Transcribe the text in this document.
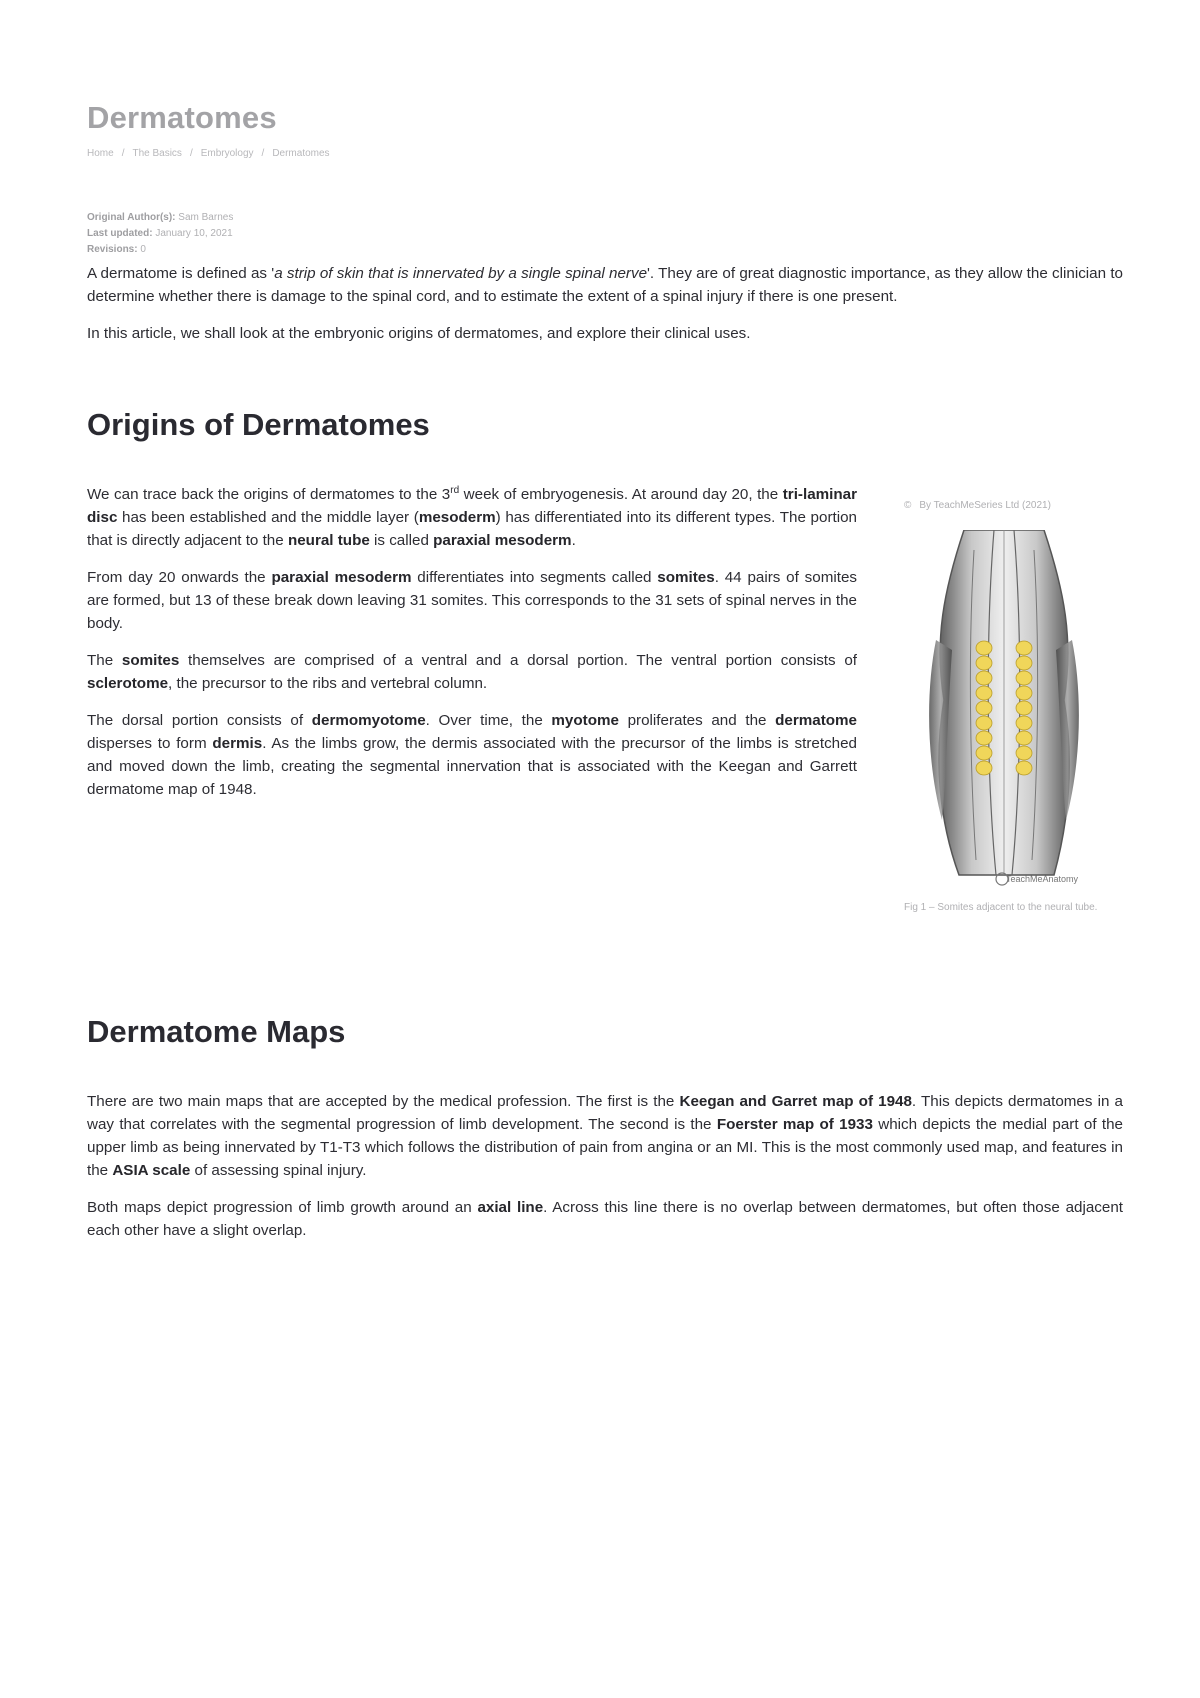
Dermatomes
Home / The Basics / Embryology / Dermatomes
Original Author(s): Sam Barnes
Last updated: January 10, 2021
Revisions: 0

A dermatome is defined as 'a strip of skin that is innervated by a single spinal nerve'. They are of great diagnostic importance, as they allow the clinician to determine whether there is damage to the spinal cord, and to estimate the extent of a spinal injury if there is one present.

In this article, we shall look at the embryonic origins of dermatomes, and explore their clinical uses.

Origins of Dermatomes

We can trace back the origins of dermatomes to the 3rd week of embryogenesis. At around day 20, the tri-laminar disc has been established and the middle layer (mesoderm) has differentiated into its different types. The portion that is directly adjacent to the neural tube is called paraxial mesoderm.

From day 20 onwards the paraxial mesoderm differentiates into segments called somites. 44 pairs of somites are formed, but 13 of these break down leaving 31 somites. This corresponds to the 31 sets of spinal nerves in the body.

The somites themselves are comprised of a ventral and a dorsal portion. The ventral portion consists of sclerotome, the precursor to the ribs and vertebral column.

The dorsal portion consists of dermomyotome. Over time, the myotome proliferates and the dermatome disperses to form dermis. As the limbs grow, the dermis associated with the precursor of the limbs is stretched and moved down the limb, creating the segmental innervation that is associated with the Keegan and Garrett dermatome map of 1948.

© By TeachMeSeries Ltd (2021)
TeachMeAnatomy
Fig 1 – Somites adjacent to the neural tube.
Dermatome Maps

There are two main maps that are accepted by the medical profession. The first is the Keegan and Garret map of 1948. This depicts dermatomes in a way that correlates with the segmental progression of limb development. The second is the Foerster map of 1933 which depicts the medial part of the upper limb as being innervated by T1-T3 which follows the distribution of pain from angina or an MI. This is the most commonly used map, and features in the ASIA scale of assessing spinal injury.

Both maps depict progression of limb growth around an axial line. Across this line there is no overlap between dermatomes, but often those adjacent each other have a slight overlap.
